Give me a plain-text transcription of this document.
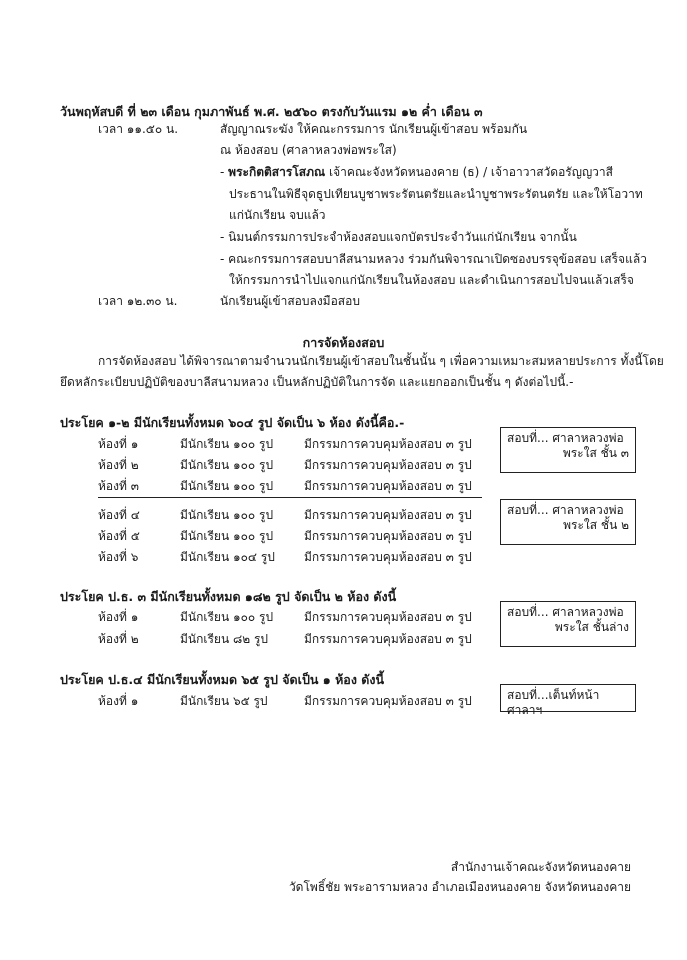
วันพฤหัสบดี ที่ ๒๓ เดือน กุมภาพันธ์ พ.ศ. ๒๕๖๐ ตรงกับวันแรม ๑๒ ค่ำ เดือน ๓
เวลา ๑๑.๕๐ น.	สัญญาณระฆัง ให้คณะกรรมการ นักเรียนผู้เข้าสอบ พร้อมกัน
ณ ห้องสอบ (ศาลาหลวงพ่อพระใส)
- พระกิตติสารโสภณ เจ้าคณะจังหวัดหนองคาย (ธ) / เจ้าอาวาสวัดอรัญญวาสี
ประธานในพิธีจุดธูปเทียนบูชาพระรัตนตรัยและนำบูชาพระรัตนตรัย และให้โอวาท
แก่นักเรียน จบแล้ว
- นิมนต์กรรมการประจำห้องสอบแจกบัตรประจำวันแก่นักเรียน จากนั้น
- คณะกรรมการสอบบาลีสนามหลวง ร่วมกันพิจารณาเปิดซองบรรจุข้อสอบ เสร็จแล้ว
ให้กรรมการนำไปแจกแก่นักเรียนในห้องสอบ และดำเนินการสอบไปจนแล้วเสร็จ
เวลา ๑๒.๓๐ น.	นักเรียนผู้เข้าสอบลงมือสอบ
การจัดห้องสอบ
การจัดห้องสอบ ได้พิจารณาตามจำนวนนักเรียนผู้เข้าสอบในชั้นนั้น ๆ เพื่อความเหมาะสมหลายประการ ทั้งนี้โดย
ยึดหลักระเบียบปฏิบัติของบาลีสนามหลวง เป็นหลักปฏิบัติในการจัด และแยกออกเป็นชั้น ๆ ดังต่อไปนี้.-
ประโยค ๑-๒ มีนักเรียนทั้งหมด ๖๐๔ รูป จัดเป็น ๖ ห้อง ดังนี้คือ.-
ห้องที่ ๑	มีนักเรียน ๑๐๐ รูป	มีกรรมการควบคุมห้องสอบ ๓ รูป
ห้องที่ ๒	มีนักเรียน ๑๐๐ รูป	มีกรรมการควบคุมห้องสอบ ๓ รูป
ห้องที่ ๓	มีนักเรียน ๑๐๐ รูป	มีกรรมการควบคุมห้องสอบ ๓ รูป
ห้องที่ ๔	มีนักเรียน ๑๐๐ รูป	มีกรรมการควบคุมห้องสอบ ๓ รูป
ห้องที่ ๕	มีนักเรียน ๑๐๐ รูป	มีกรรมการควบคุมห้องสอบ ๓ รูป
ห้องที่ ๖	มีนักเรียน ๑๐๔ รูป มีกรรมการควบคุมห้องสอบ ๓ รูป
สอบที่... ศาลาหลวงพ่อ
พระใส ชั้น ๓
สอบที่... ศาลาหลวงพ่อ
พระใส ชั้น ๒
ประโยค ป.ธ. ๓ มีนักเรียนทั้งหมด ๑๘๒ รูป จัดเป็น ๒ ห้อง ดังนี้
ห้องที่ ๑	มีนักเรียน ๑๐๐ รูป	มีกรรมการควบคุมห้องสอบ ๓ รูป
ห้องที่ ๒	มีนักเรียน ๘๒ รูป	มีกรรมการควบคุมห้องสอบ ๓ รูป
สอบที่... ศาลาหลวงพ่อ
พระใส ชั้นล่าง
ประโยค ป.ธ.๔ มีนักเรียนทั้งหมด ๖๕ รูป จัดเป็น ๑ ห้อง ดังนี้
ห้องที่ ๑	มีนักเรียน ๖๕ รูป	มีกรรมการควบคุมห้องสอบ ๓ รูป	สอบที่...เต็นท์หน้าศาลาฯ
สำนักงานเจ้าคณะจังหวัดหนองคาย
วัดโพธิ์ชัย พระอารามหลวง อำเภอเมืองหนองคาย จังหวัดหนองคาย
